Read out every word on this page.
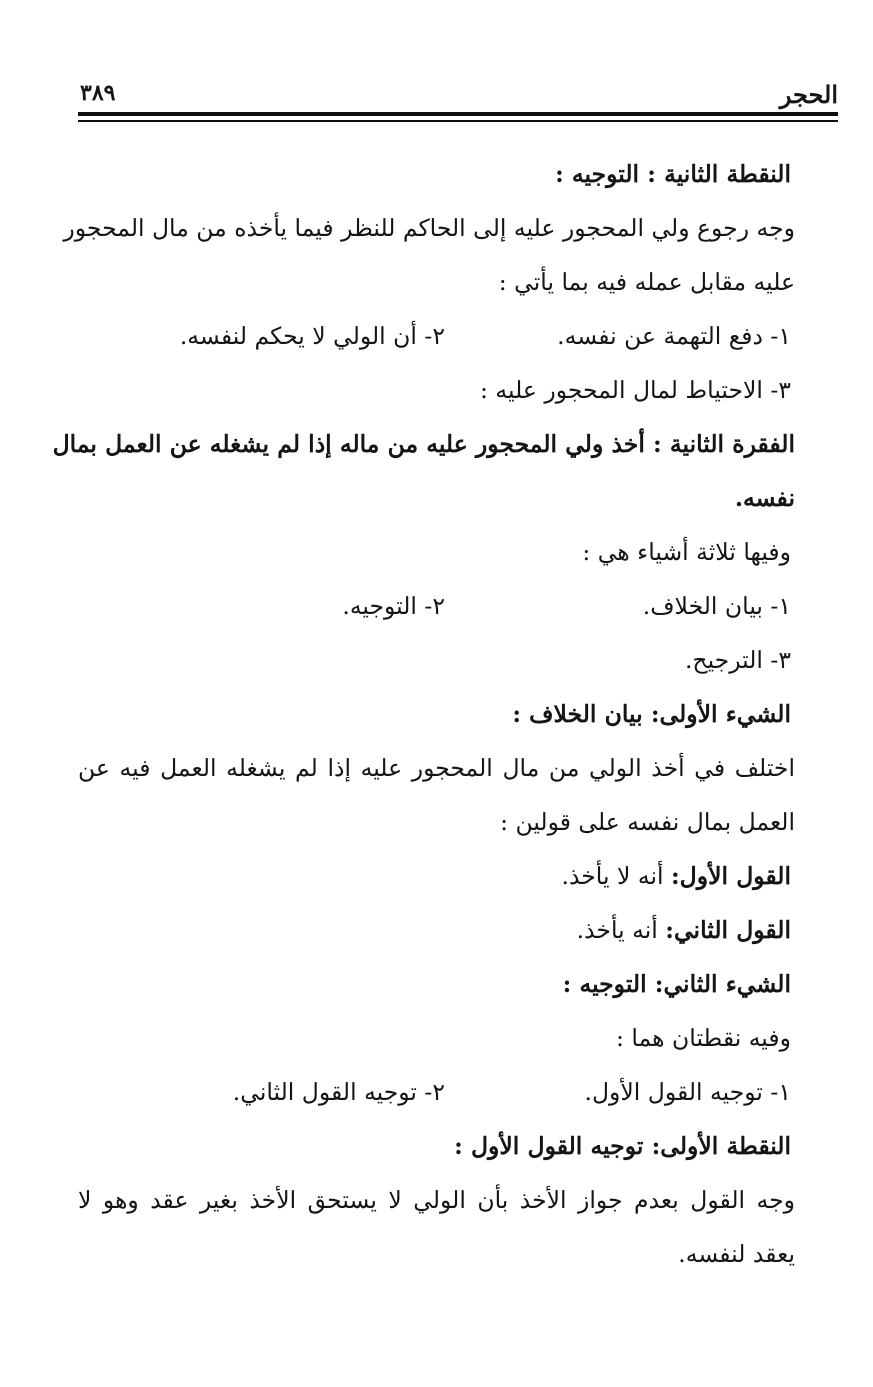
الحجر
٣٨٩
النقطة الثانية : التوجيه :
وجه رجوع ولي المحجور عليه إلى الحاكم للنظر فيما يأخذه من مال المحجور
عليه مقابل عمله فيه بما يأتي :
١- دفع التهمة عن نفسه.
٢- أن الولي لا يحكم لنفسه.
٣- الاحتياط لمال المحجور عليه :
الفقرة الثانية : أخذ ولي المحجور عليه من ماله إذا لم يشغله عن العمل بمال
نفسه.
وفيها ثلاثة أشياء هي :
١- بيان الخلاف.
٢- التوجيه.
٣- الترجيح.
الشيء الأولى: بيان الخلاف :
اختلف في أخذ الولي من مال المحجور عليه إذا لم يشغله العمل فيه عن
العمل بمال نفسه على قولين :
القول الأول: أنه لا يأخذ.
القول الثاني: أنه يأخذ.
الشيء الثاني: التوجيه :
وفيه نقطتان هما :
١- توجيه القول الأول.
٢- توجيه القول الثاني.
النقطة الأولى: توجيه القول الأول :
وجه القول بعدم جواز الأخذ بأن الولي لا يستحق الأخذ بغير عقد وهو لا
يعقد لنفسه.
